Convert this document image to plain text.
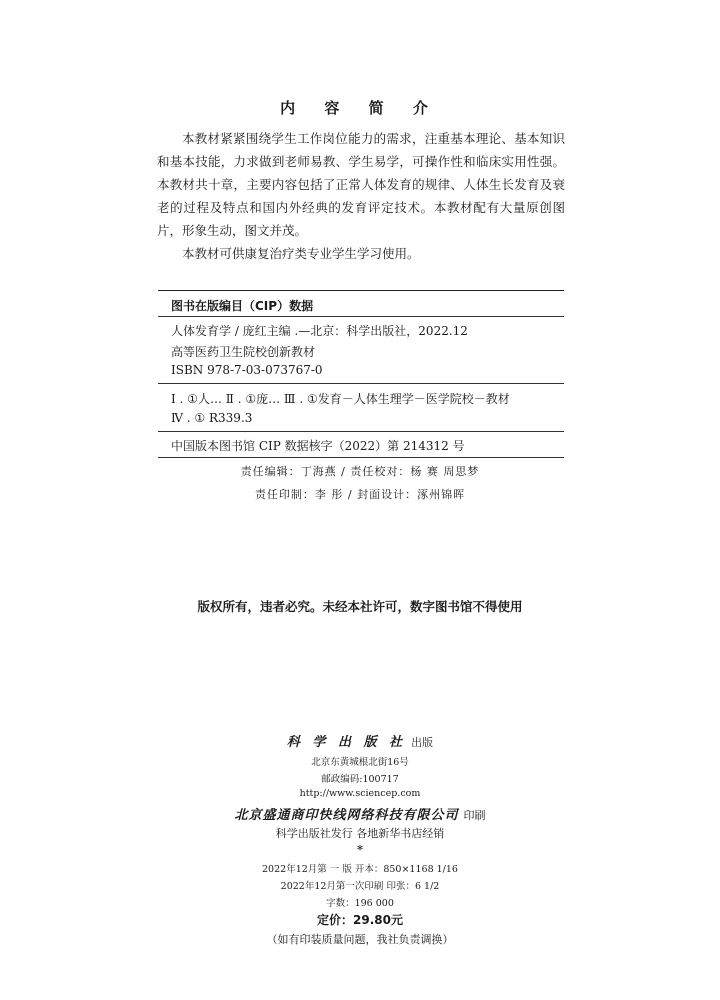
内 容 简 介

本教材紧紧围绕学生工作岗位能力的需求，注重基本理论、基本知识和基本技能，力求做到老师易教、学生易学，可操作性和临床实用性强。本教材共十章，主要内容包括了正常人体发育的规律、人体生长发育及衰老的过程及特点和国内外经典的发育评定技术。本教材配有大量原创图片，形象生动，图文并茂。

本教材可供康复治疗类专业学生学习使用。

图书在版编目（CIP）数据
人体发育学 / 庞红主编 .—北京：科学出版社，2022.12
高等医药卫生院校创新教材
ISBN 978-7-03-073767-0
Ⅰ . ①人… Ⅱ . ①庞… Ⅲ . ①发育－人体生理学－医学院校－教材
Ⅳ . ① R339.3
中国版本图书馆 CIP 数据核字（2022）第 214312 号
责任编辑：丁海燕 / 责任校对：杨 赛 周思梦
责任印制：李 彤 / 封面设计：涿州锦晖
版权所有，违者必究。未经本社许可，数字图书馆不得使用
科 学 出 版 社 出版
北京东黄城根北街16号
邮政编码:100717
http://www.sciencep.com
北京盛通商印快线网络科技有限公司 印刷
科学出版社发行 各地新华书店经销
*
2022年12月第 一 版 开本：850×1168 1/16
2022年12月第一次印刷 印张：6 1/2
字数：196 000
定价：29.80元
（如有印装质量问题，我社负责调换）
